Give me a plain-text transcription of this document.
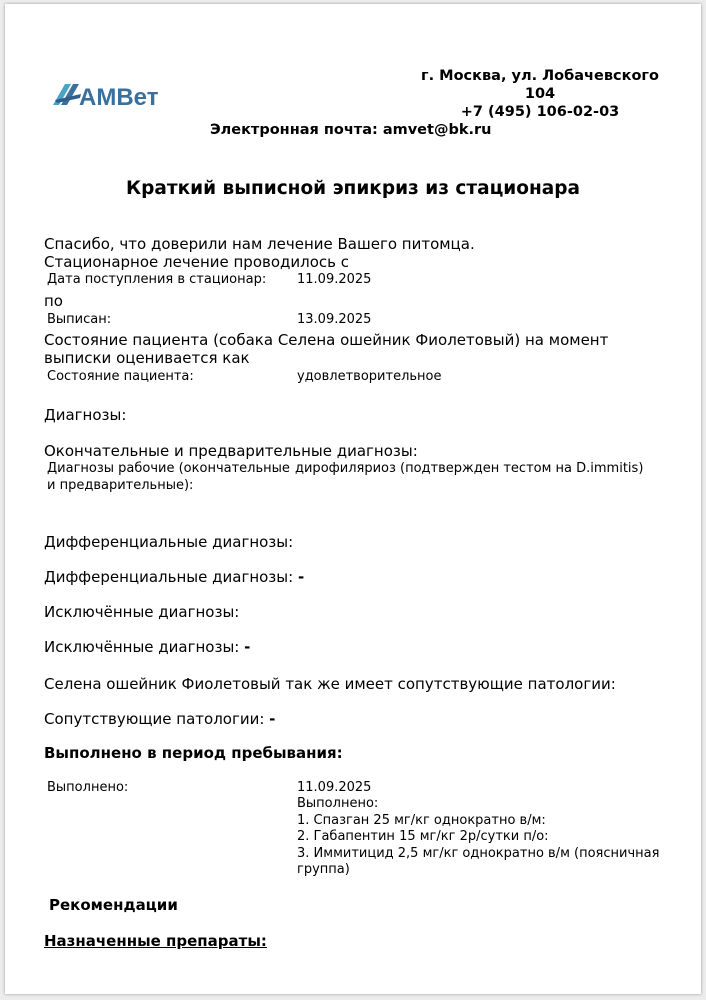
AMВет
г. Москва, ул. Лобачевского
104
+7 (495) 106-02-03
Электронная почта: amvet@bk.ru
Краткий выписной эпикриз из стационара
Спасибо, что доверили нам лечение Вашего питомца.
Стационарное лечение проводилось с
Дата поступления в стационар: 11.09.2025
по
Выписан:	13.09.2025
Состояние пациента (собака Селена ошейник Фиолетовый) на момент
выписки оценивается как
Состояние пациента:	удовлетворительное
Диагнозы:
Окончательные и предварительные диагнозы:
Диагнозы рабочие (окончательные дирофиляриоз (подтвержден тестом на D.immitis)
и предварительные):
Дифференциальные диагнозы:
Дифференциальные диагнозы: -
Исключённые диагнозы:
Исключённые диагнозы: -
Селена ошейник Фиолетовый так же имеет сопутствующие патологии:
Сопутствующие патологии: -
Выполнено в период пребывания:
Выполнено:	11.09.2025
Выполнено:
1. Спазган 25 мг/кг однократно в/м:
2. Габапентин 15 мг/кг 2р/сутки п/о:
3. Иммитицид 2,5 мг/кг однократно в/м (поясничная
группа)
Рекомендации
Назначенные препараты:
